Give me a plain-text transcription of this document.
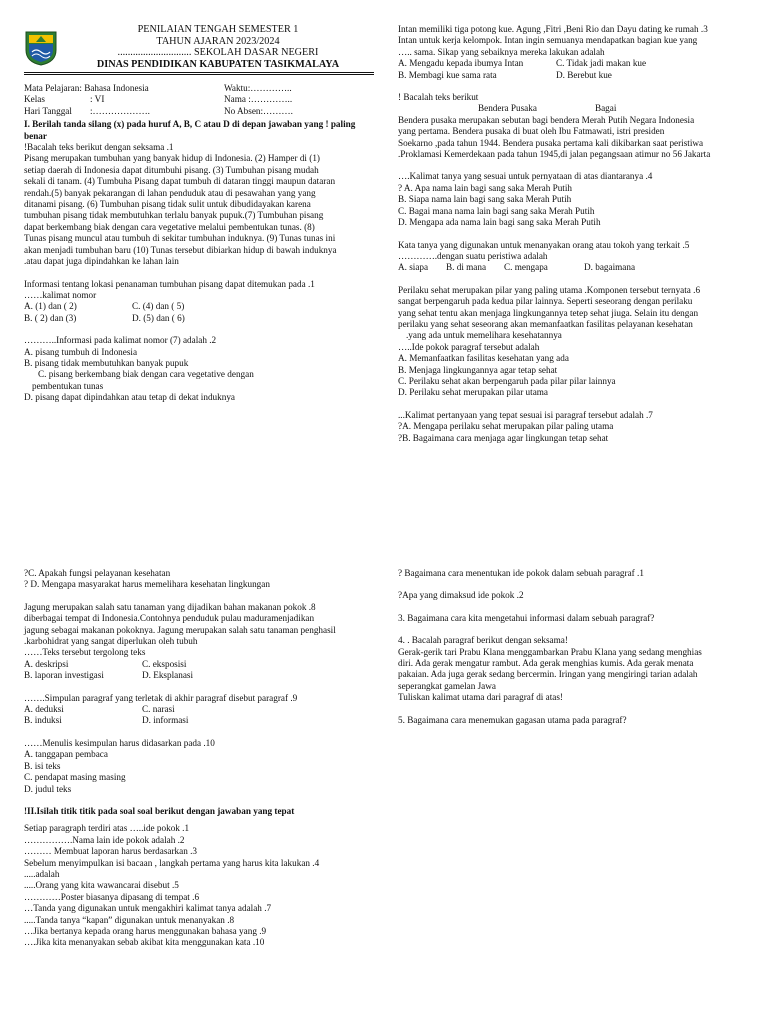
PENILAIAN TENGAH SEMESTER 1
TAHUN AJARAN 2023/2024
............................. SEKOLAH DASAR NEGERI
DINAS PENDIDIKAN KABUPATEN TASIKMALAYA
Mata Pelajaran: Bahasa Indonesia	Waktu:…………..
Kelas	: VI	Nama :…………..
Hari Tanggal	:……………….	No Absen:……….

I. Berilah tanda silang (x) pada huruf A, B, C atau D di depan jawaban yang ! paling benar

!Bacalah teks berikut dengan seksama .1

Pisang merupakan tumbuhan yang banyak hidup di Indonesia. (2) Hamper di (1)

setiap daerah di Indonesia dapat ditumbuhi pisang. (3) Tumbuhan pisang mudah

sekali di tanam. (4) Tumbuha Pisang dapat tumbuh di dataran tinggi maupun dataran

rendah.(5) banyak pekarangan di lahan penduduk atau di pesawahan yang yang

ditanami pisang. (6) Tumbuhan pisang tidak sulit untuk dibudidayakan karena

tumbuhan pisang tidak membutuhkan terlalu banyak pupuk.(7) Tumbuhan pisang

dapat berkembang biak dengan cara vegetative melalui pembentukan tunas. (8)

Tunas pisang muncul atau tumbuh di sekitar tumbuhan induknya. (9) Tunas tunas ini

akan menjadi tumbuhan baru (10) Tunas tersebut dibiarkan hidup di bawah induknya

.atau dapat juga dipindahkan ke lahan lain

Informasi tentang lokasi penanaman tumbuhan pisang dapat ditemukan pada .1

……kalimat nomor

A. (1) dan ( 2)	C. (4) dan ( 5)
B. ( 2) dan (3)	D. (5) dan ( 6)

………..Informasi pada kalimat nomor (7) adalah .2

A. pisang tumbuh di Indonesia

B. pisang tidak membutuhkan banyak pupuk

C. pisang berkembang biak dengan cara vegetative dengan

pembentukan tunas

D. pisang dapat dipindahkan atau tetap di dekat induknya

Intan memiliki tiga potong kue. Agung ,Fitri ,Beni Rio dan Dayu dating ke rumah .3

Intan untuk kerja kelompok. Intan ingin semuanya mendapatkan bagian kue yang

….. sama. Sikap yang sebaiknya mereka lakukan adalah

A. Mengadu kepada ibumya Intan	C. Tidak jadi makan kue
B. Membagi kue sama rata	D. Berebut kue

! Bacalah teks berikut

Bendera Pusaka	Bagai

Bendera pusaka merupakan sebutan bagi bendera Merah Putih Negara Indonesia

yang pertama. Bendera pusaka di buat oleh Ibu Fatmawati, istri presiden

Soekarno ,pada tahun 1944. Bendera pusaka pertama kali dikibarkan saat peristiwa

.Proklamasi Kemerdekaan pada tahun 1945,di jalan pegangsaan atimur no 56 Jakarta

….Kalimat tanya yang sesuai untuk pernyataan di atas diantaranya .4

? A. Apa nama lain bagi sang saka Merah Putih

B. Siapa nama lain bagi sang saka Merah Putih

C. Bagai mana nama lain bagi sang saka Merah Putih

D. Mengapa ada nama lain bagi sang saka Merah Putih

Kata tanya yang digunakan untuk menanyakan orang atau tokoh yang terkait .5

………….dengan suatu peristiwa adalah

A. siapa	B. di mana	C. mengapa	D. bagaimana

Perilaku sehat merupakan pilar yang paling utama .Komponen tersebut ternyata .6

sangat berpengaruh pada kedua pilar lainnya. Seperti seseorang dengan perilaku

yang sehat tentu akan menjaga lingkungannya tetep sehat jiuga. Selain itu dengan

perilaku yang sehat seseorang akan memanfaatkan fasilitas pelayanan kesehatan

.yang ada untuk memelihara kesehatannya

…..Ide pokok paragraf tersebut adalah

A. Memanfaatkan fasilitas kesehatan yang ada

B. Menjaga lingkungannya agar tetap sehat

C. Perilaku sehat akan berpengaruh pada pilar pilar lainnya

D. Perilaku sehat merupakan pilar utama

...Kalimat pertanyaan yang tepat sesuai isi paragraf tersebut adalah .7

?A. Mengapa perilaku sehat merupakan pilar paling utama

?B. Bagaimana cara menjaga agar lingkungan tetap sehat

?C. Apakah fungsi pelayanan kesehatan

? D. Mengapa masyarakat harus memelihara kesehatan lingkungan

Jagung merupakan salah satu tanaman yang dijadikan bahan makanan pokok .8

diberbagai tempat di Indonesia.Contohnya penduduk pulau maduramenjadikan

jagung sebagai makanan pokoknya. Jagung merupakan salah satu tanaman penghasil

.karbohidrat yang sangat diperlukan oleh tubuh

……Teks tersebut tergolong teks

A. deskripsi	C. eksposisi
B. laporan investigasi	D. Eksplanasi

…….Simpulan paragraf yang terletak di akhir paragraf disebut paragraf .9

A. deduksi	C. narasi
B. induksi	D. informasi

……Menulis kesimpulan harus didasarkan pada .10

A. tanggapan pembaca

B. isi teks

C. pendapat masing masing

D. judul teks

!II.Isilah titik titik pada soal soal berikut dengan jawaban yang tepat

Setiap paragraph terdiri atas …..ide pokok .1

…………….Nama lain ide pokok adalah .2

……… Membuat laporan harus berdasarkan .3

Sebelum menyimpulkan isi bacaan , langkah pertama yang harus kita lakukan .4

.....adalah

.....Orang yang kita wawancarai disebut .5

…………Poster biasanya dipasang di tempat .6

…Tanda yang digunakan untuk mengakhiri kalimat tanya adalah .7

.....Tanda tanya “kapan” digunakan untuk menanyakan .8

…Jika bertanya kepada orang harus menggunakan bahasa yang .9

….Jika kita menanyakan sebab akibat kita menggunakan kata .10

? Bagaimana cara menentukan ide pokok dalam sebuah paragraf .1

?Apa yang dimaksud ide pokok .2

3. Bagaimana cara kita mengetahui informasi dalam sebuah paragraf?

4. . Bacalah paragraf berikut dengan seksama!

Gerak-gerik tari Prabu Klana menggambarkan Prabu Klana yang sedang menghias

diri. Ada gerak mengatur rambut. Ada gerak menghias kumis. Ada gerak menata

pakaian. Ada juga gerak sedang bercermin. Iringan yang mengiringi tarian adalah

seperangkat gamelan Jawa

Tuliskan kalimat utama dari paragraf di atas!

5. Bagaimana cara menemukan gagasan utama pada paragraf?
